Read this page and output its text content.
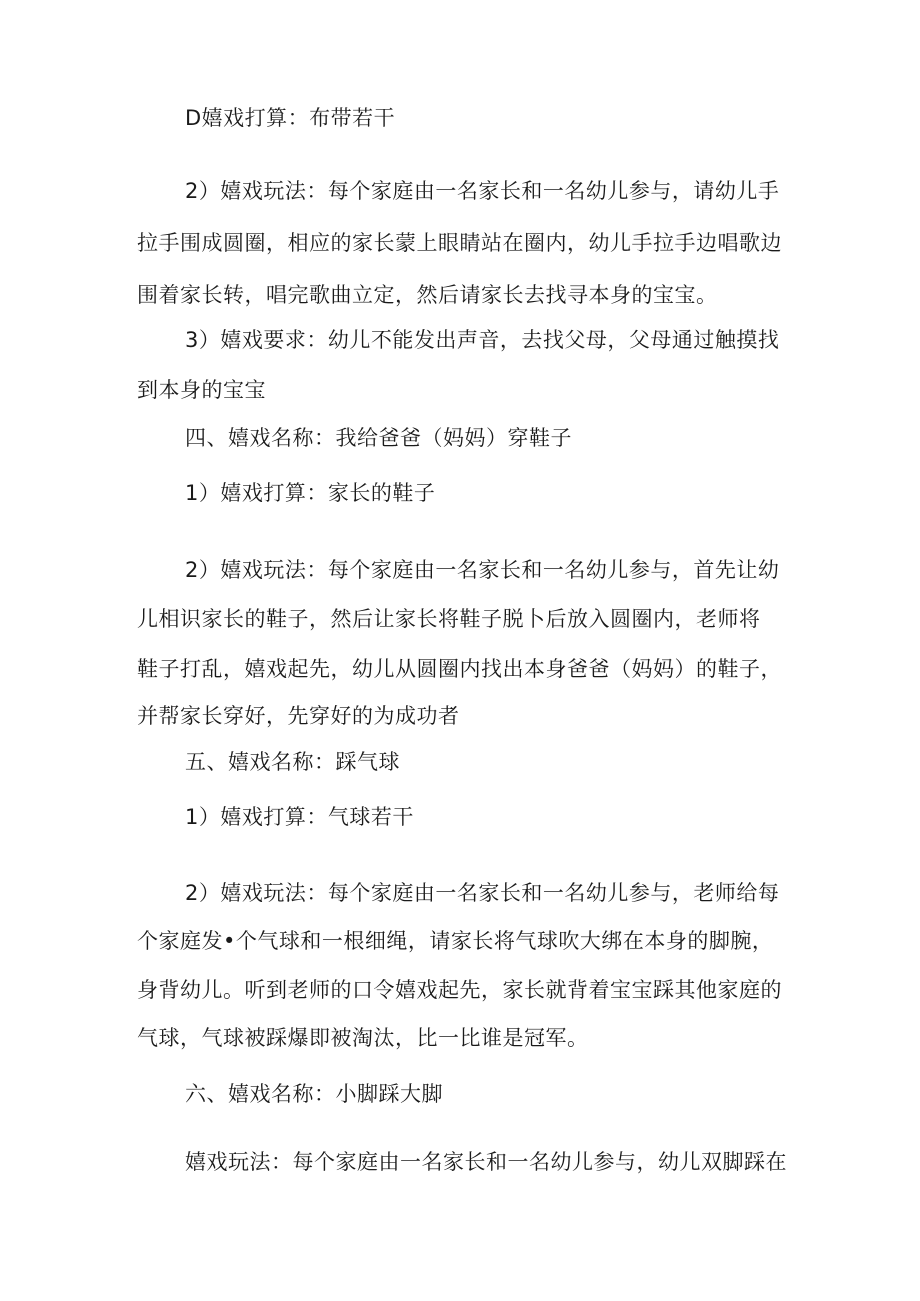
D嬉戏打算：布带若干

2）嬉戏玩法：每个家庭由一名家长和一名幼儿参与，请幼儿手

拉手围成圆圈，相应的家长蒙上眼睛站在圈内，幼儿手拉手边唱歌边

围着家长转，唱完歌曲立定，然后请家长去找寻本身的宝宝。

3）嬉戏要求：幼儿不能发出声音，去找父母，父母通过触摸找

到本身的宝宝

四、嬉戏名称：我给爸爸（妈妈）穿鞋子

1）嬉戏打算：家长的鞋子

2）嬉戏玩法：每个家庭由一名家长和一名幼儿参与，首先让幼

儿相识家长的鞋子，然后让家长将鞋子脱卜后放入圆圈内，老师将

鞋子打乱，嬉戏起先，幼儿从圆圈内找出本身爸爸（妈妈）的鞋子，

并帮家长穿好，先穿好的为成功者

五、嬉戏名称：踩气球

1）嬉戏打算：气球若干

2）嬉戏玩法：每个家庭由一名家长和一名幼儿参与，老师给每

个家庭发•个气球和一根细绳，请家长将气球吹大绑在本身的脚腕，

身背幼儿。听到老师的口令嬉戏起先，家长就背着宝宝踩其他家庭的

气球，气球被踩爆即被淘汰，比一比谁是冠军。

六、嬉戏名称：小脚踩大脚

嬉戏玩法：每个家庭由一名家长和一名幼儿参与，幼儿双脚踩在
